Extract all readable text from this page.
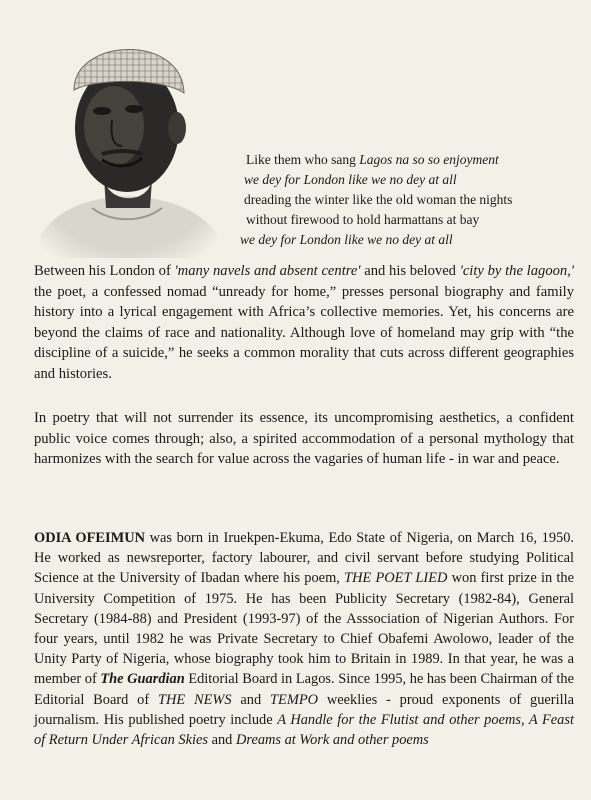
Like them who sang Lagos na so so enjoyment
we dey for London like we no dey at all
dreading the winter like the old woman the nights
without firewood to hold harmattans at bay
we dey for London like we no dey at all

Between his London of 'many navels and absent centre' and his beloved 'city by the lagoon,' the poet, a confessed nomad “unready for home,” presses personal biography and family history into a lyrical engagement with Africa’s collective memories. Yet, his concerns are beyond the claims of race and nationality. Although love of homeland may grip with “the discipline of a suicide,” he seeks a common morality that cuts across different geographies and histories.

In poetry that will not surrender its essence, its uncompromising aesthetics, a confident public voice comes through; also, a spirited accommodation of a personal mythology that harmonizes with the search for value across the vagaries of human life - in war and peace.

ODIA OFEIMUN was born in Iruekpen-Ekuma, Edo State of Nigeria, on March 16, 1950. He worked as newsreporter, factory labourer, and civil servant before studying Political Science at the University of Ibadan where his poem, THE POET LIED won first prize in the University Competition of 1975. He has been Publicity Secretary (1982-84), General Secretary (1984-88) and President (1993-97) of the Asssociation of Nigerian Authors. For four years, until 1982 he was Private Secretary to Chief Obafemi Awolowo, leader of the Unity Party of Nigeria, whose biography took him to Britain in 1989. In that year, he was a member of The Guardian Editorial Board in Lagos. Since 1995, he has been Chairman of the Editorial Board of THE NEWS and TEMPO weeklies - proud exponents of guerilla journalism. His published poetry include A Handle for the Flutist and other poems, A Feast of Return Under African Skies and Dreams at Work and other poems
